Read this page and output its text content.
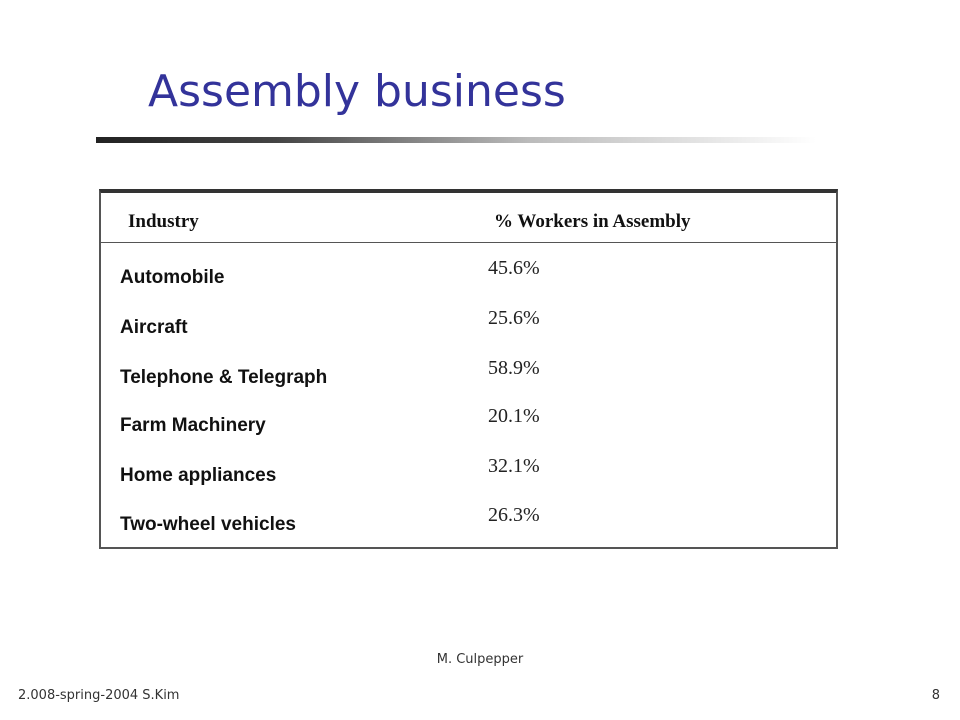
Assembly business
Industry	% Workers in Assembly
Automobile	45.6%
Aircraft	25.6%
Telephone & Telegraph	58.9%
Farm Machinery	20.1%
Home appliances	32.1%
Two-wheel vehicles	26.3%
M. Culpepper
2.008-spring-2004 S.Kim	8
